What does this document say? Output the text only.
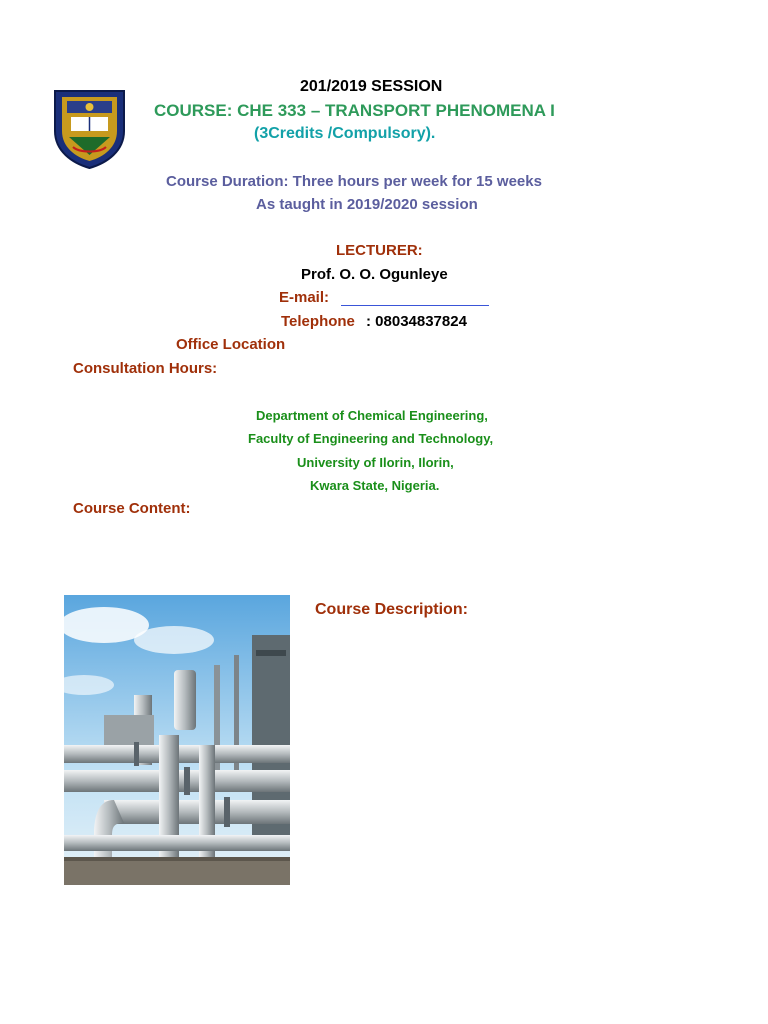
201/2019 SESSION
COURSE: CHE 333 – TRANSPORT PHENOMENA I
(3Credits /Compulsory).
Course Duration: Three hours per week for 15 weeks
As taught in 2019/2020 session
LECTURER:
Prof. O. O. Ogunleye
E-mail:
Telephone : 08034837824
Office Location
Consultation Hours:
Department of Chemical Engineering,
Faculty of Engineering and Technology,
University of Ilorin, Ilorin,
Kwara State, Nigeria.
Course Content:
Course Description:
